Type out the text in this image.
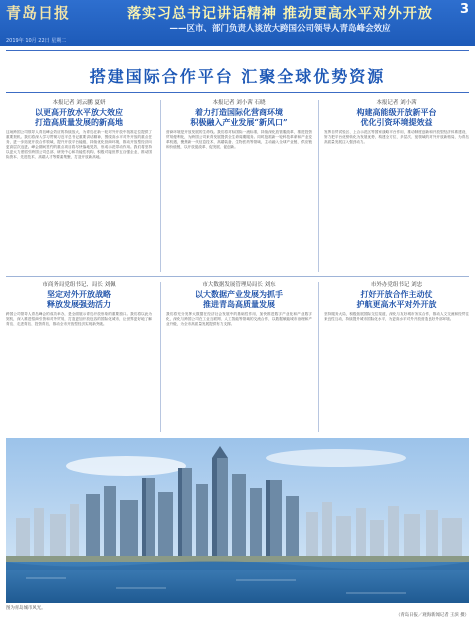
青岛日报	落实习总书记讲话精神 推动更高水平对外开放
——区市、部门负责人谈放大跨国公司领导人青岛峰会效应
3
2019年 10月 22日 星期二
搭建国际合作平台 汇聚全球优势资源
本报记者 刘云鹏 夏妍
以更高开放水平放大效应
打造高质量发展的新高地
这场跨国公司领导人青岛峰会效应的持续放大，为青岛在新一轮对外开放中找准定位提供了重要契机。我们将深入学习贯彻习近平总书记重要讲话精神，围绕高水平对外开放的重点任务，进一步拓宽开放合作领域，提升开放平台能级，持续优化营商环境，推动开放型经济向更高层次迈进。峰会期间签约的重点项目将尽快落地见效，形成示范带动作用。我们将坚持以更大力度招引跨国公司总部、研发中心和功能性机构，积极对接世界五百强企业，推动国际资本、先进技术、高端人才等要素集聚，打造开放新高地。
本报记者 刘小茜 石晓
着力打造国际化营商环境
积极融入产业发展“新风口”
营商环境是开放发展的生命线。我们将对标国际一流标准，持续深化放管服改革，推进投资贸易便利化，为跨国公司来青发展提供全生命周期服务。同时抢抓新一轮科技革命和产业变革机遇，聚焦新一代信息技术、高端装备、生物医药等领域，主动融入全球产业链、供应链和价值链，以开放促改革、促发展、促创新。
本报记者 刘小茜
构建高能级开放新平台
优化引资环境提效益
发挥自贸试验区、上合示范区等国家战略平台作用，推动制度创新和开放型经济体系建设，努力把平台优势转化为发展优势，构建全方位、多层次、宽领域的对外开放新格局，为青岛高质量发展注入强劲动力。
市商务局党组书记、局长 刘佩
坚定对外开放战略
释放发展强劲活力
跨国公司领导人青岛峰会的成功举办，是全面展示青岛开放形象的重要窗口。我们将以此为契机，深入推进招商引资和对外贸易，打造更加开放包容的国际化城市，让世界更好地了解青岛、走进青岛、投资青岛，推动全市开放型经济实现新突破。
市大数据发展管理局局长 刘东
以大数据产业发展为抓手
推进青岛高质量发展
我们将充分发挥大数据在经济社会发展中的基础性作用，加快推进数字产业化和产业数字化，深化与跨国公司在工业互联网、人工智能等领域的交流合作，以数据赋能城市治理和产业升级，为全市高质量发展提供有力支撑。
市外办党组书记 刘忠
打好开放合作主动仗
护航更高水平对外开放
坚持服务大局，积极拓展国际交往渠道，深化与友好城市务实合作，推动人文交流和经贸往来良性互动，持续提升城市国际化水平，为更高水平对外开放营造良好外部环境。
图为青岛城市风光。
（青岛日报／观海新闻记者 王滨 摄）
